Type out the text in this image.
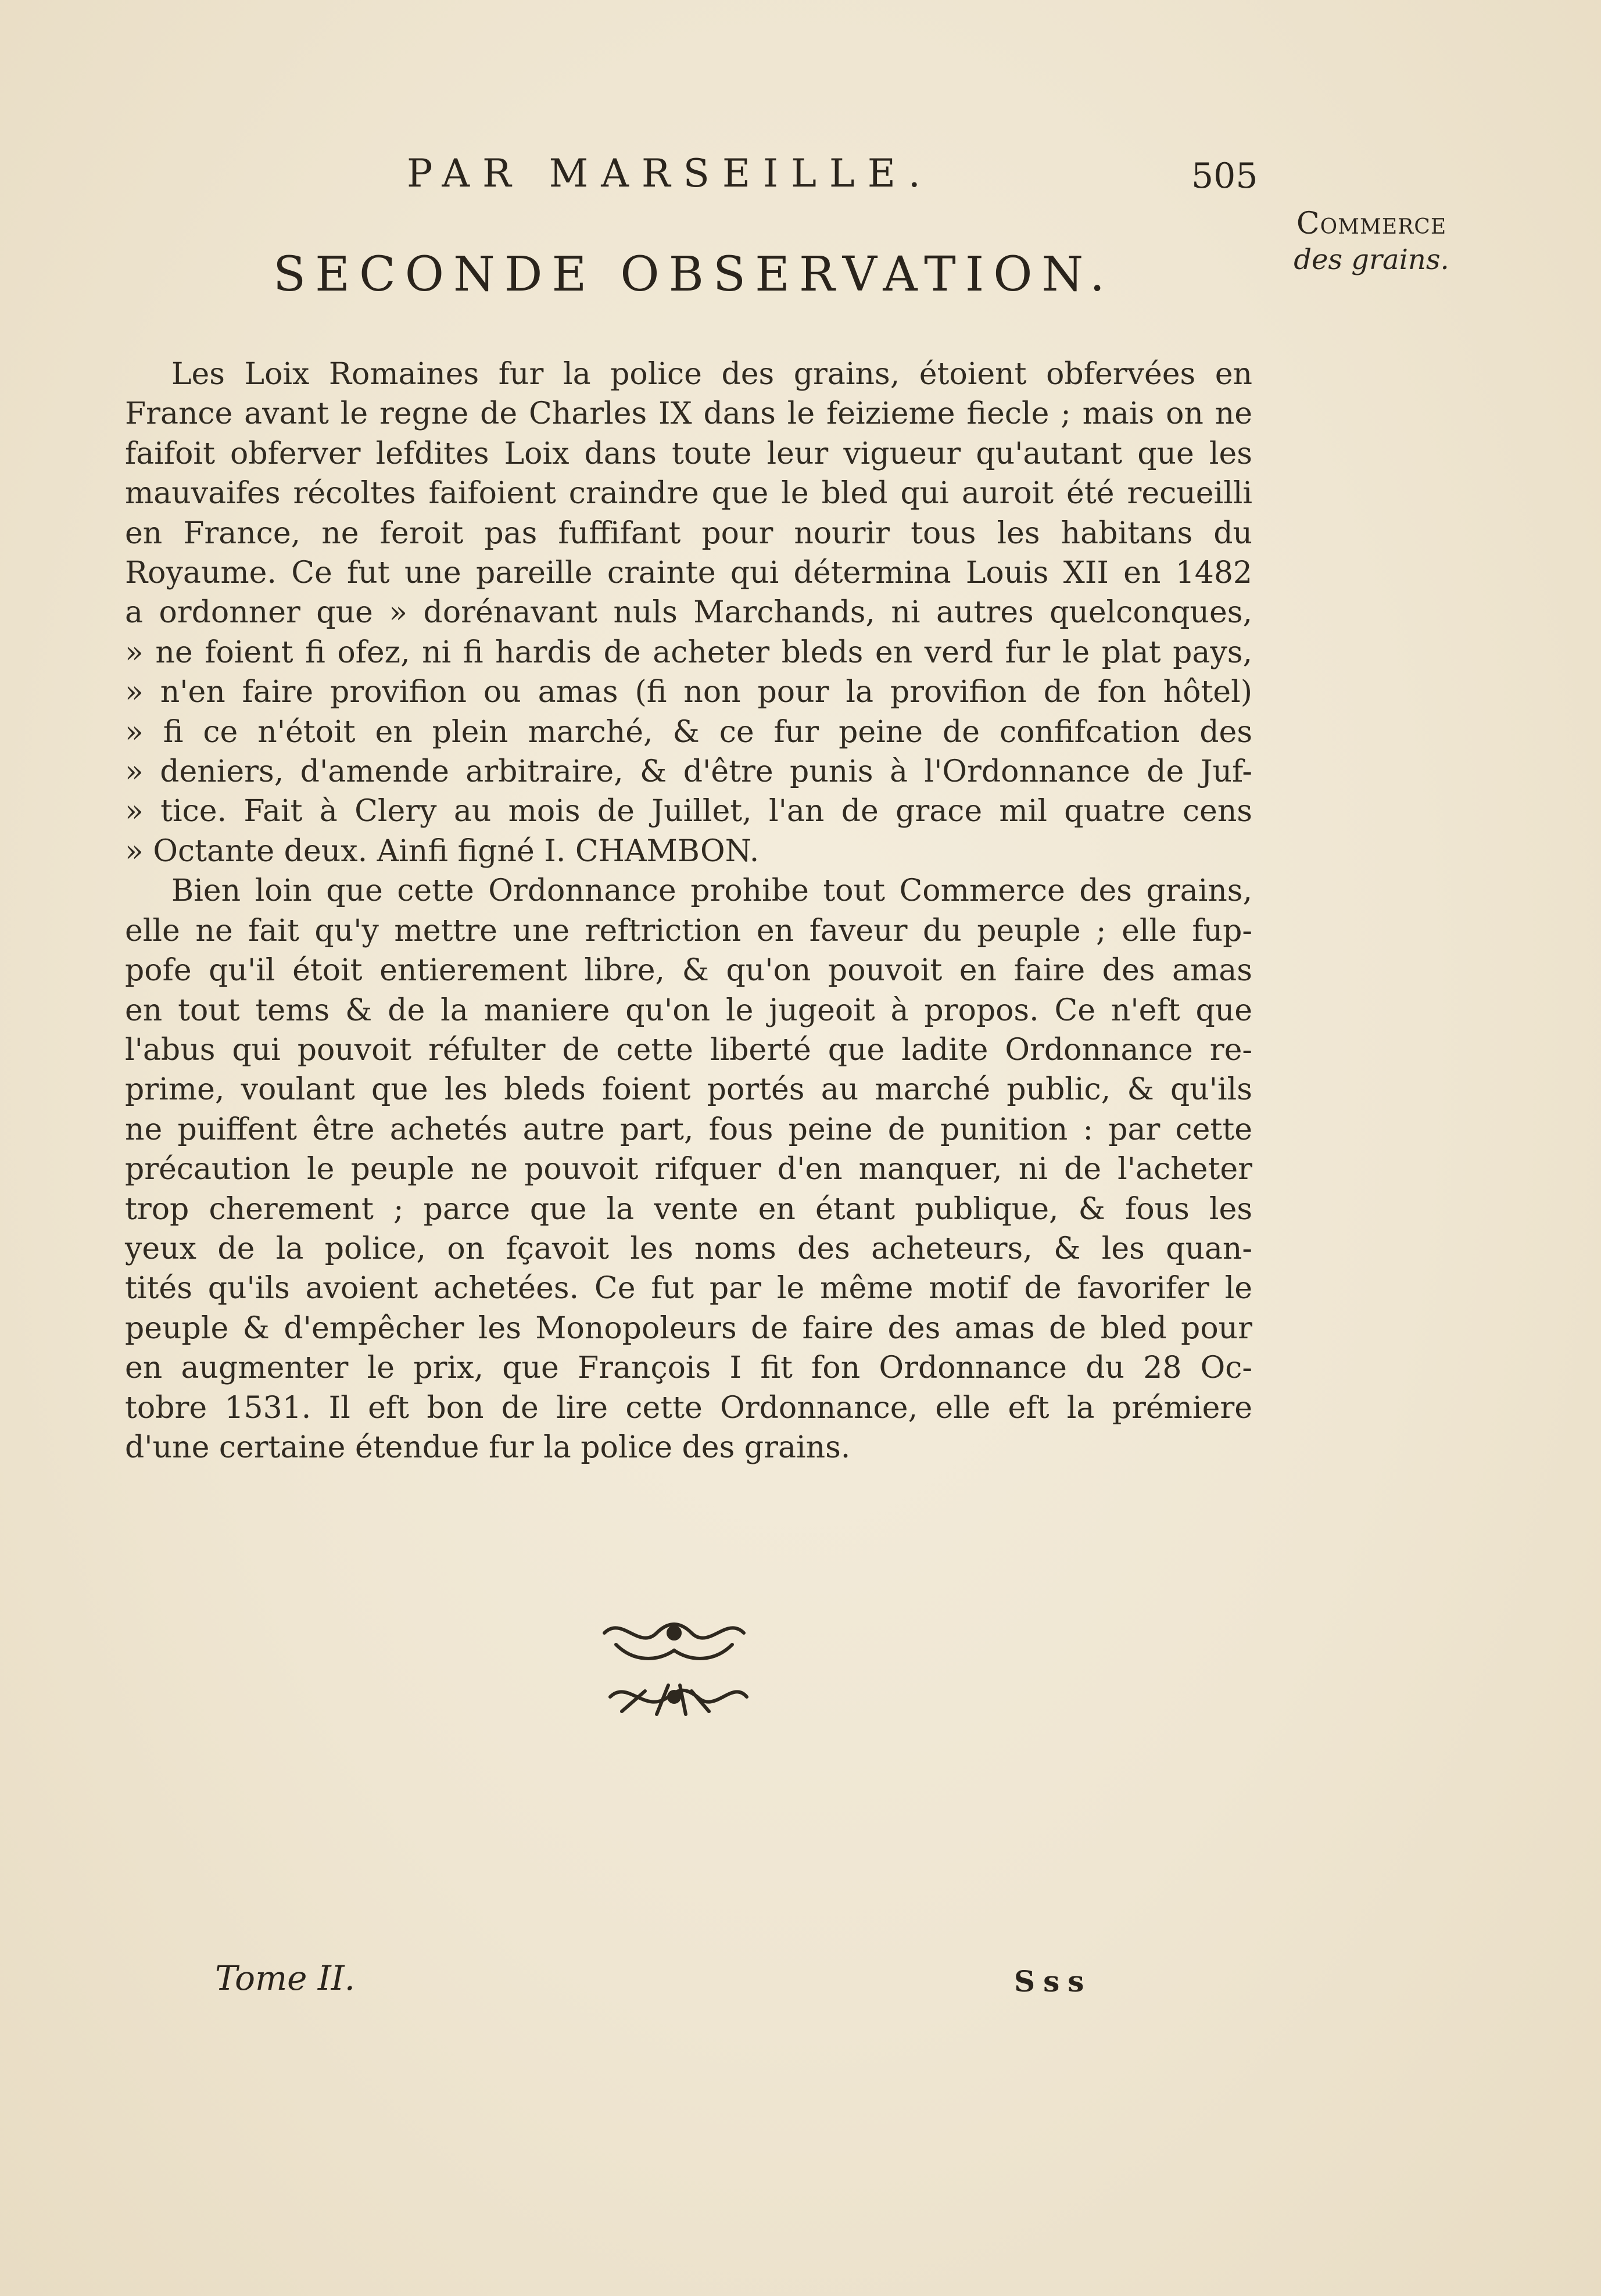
PAR MARSEILLE.	505
Commerce
des grains.
SECONDE OBSERVATION.
Les Loix Romaines fur la police des grains, étoient obfervées en
France avant le regne de Charles IX dans le feizieme fiecle ; mais on ne
faifoit obferver lefdites Loix dans toute leur vigueur qu'autant que les
mauvaifes récoltes faifoient craindre que le bled qui auroit été recueilli
en France, ne feroit pas fuffifant pour nourir tous les habitans du
Royaume. Ce fut une pareille crainte qui détermina Louis XII en 1482
a ordonner que » dorénavant nuls Marchands, ni autres quelconques,
» ne foient fi ofez, ni fi hardis de acheter bleds en verd fur le plat pays,
» n'en faire provifion ou amas (fi non pour la provifion de fon hôtel)
» fi ce n'étoit en plein marché, & ce fur peine de confifcation des
» deniers, d'amende arbitraire, & d'être punis à l'Ordonnance de Juf-
» tice. Fait à Clery au mois de Juillet, l'an de grace mil quatre cens
» Octante deux. Ainfi figné I. CHAMBON.
Bien loin que cette Ordonnance prohibe tout Commerce des grains,
elle ne fait qu'y mettre une reftriction en faveur du peuple ; elle fup-
pofe qu'il étoit entierement libre, & qu'on pouvoit en faire des amas
en tout tems & de la maniere qu'on le jugeoit à propos. Ce n'eft que
l'abus qui pouvoit réfulter de cette liberté que ladite Ordonnance re-
prime, voulant que les bleds foient portés au marché public, & qu'ils
ne puiffent être achetés autre part, fous peine de punition : par cette
précaution le peuple ne pouvoit rifquer d'en manquer, ni de l'acheter
trop cherement ; parce que la vente en étant publique, & fous les
yeux de la police, on fçavoit les noms des acheteurs, & les quan-
tités qu'ils avoient achetées. Ce fut par le même motif de favorifer le
peuple & d'empêcher les Monopoleurs de faire des amas de bled pour
en augmenter le prix, que François I fit fon Ordonnance du 28 Oc-
tobre 1531. Il eft bon de lire cette Ordonnance, elle eft la prémiere
d'une certaine étendue fur la police des grains.
Tome II.	Sss
